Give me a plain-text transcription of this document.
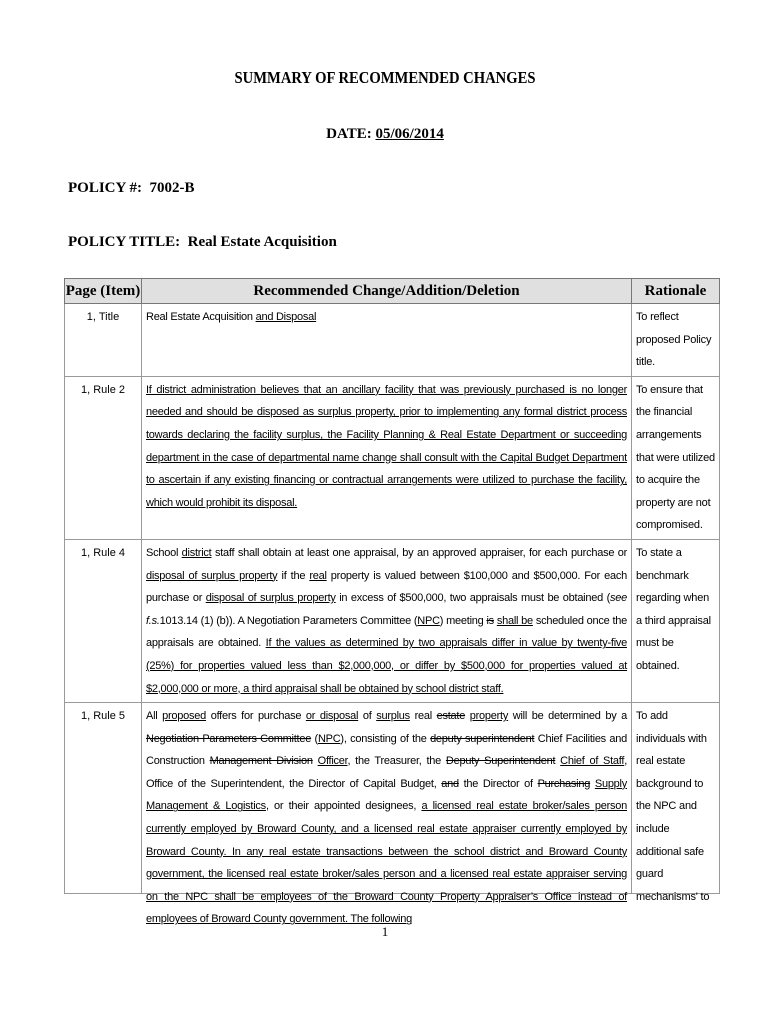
SUMMARY OF RECOMMENDED CHANGES
DATE: 05/06/2014
POLICY #: 7002-B
POLICY TITLE: Real Estate Acquisition
Page (Item)	Recommended Change/Addition/Deletion	Rationale
1, Title	Real Estate Acquisition and Disposal	To reflect proposed Policy title.
1, Rule 2	If district administration believes that an ancillary facility that was previously purchased is no longer needed and should be disposed as surplus property, prior to implementing any formal district process towards declaring the facility surplus, the Facility Planning & Real Estate Department or succeeding department in the case of departmental name change shall consult with the Capital Budget Department to ascertain if any existing financing or contractual arrangements were utilized to purchase the facility, which would prohibit its disposal.	To ensure that the financial arrangements that were utilized to acquire the property are not compromised.
1, Rule 4	School district staff shall obtain at least one appraisal, by an approved appraiser, for each purchase or disposal of surplus property if the real property is valued between $100,000 and $500,000. For each purchase or disposal of surplus property in excess of $500,000, two appraisals must be obtained (see f.s.1013.14 (1) (b)). A Negotiation Parameters Committee (NPC) meeting is shall be scheduled once the appraisals are obtained. If the values as determined by two appraisals differ in value by twenty-five (25%) for properties valued less than $2,000,000, or differ by $500,000 for properties valued at $2,000,000 or more, a third appraisal shall be obtained by school district staff.	To state a benchmark regarding when a third appraisal must be obtained.
1, Rule 5	All proposed offers for purchase or disposal of surplus real estate property will be determined by a Negotiation Parameters Committee (NPC), consisting of the deputy superintendent Chief Facilities and Construction Management Division Officer, the Treasurer, the Deputy Superintendent Chief of Staff, Office of the Superintendent, the Director of Capital Budget, and the Director of Purchasing Supply Management & Logistics, or their appointed designees, a licensed real estate broker/sales person currently employed by Broward County, and a licensed real estate appraiser currently employed by Broward County. In any real estate transactions between the school district and Broward County government, the licensed real estate broker/sales person and a licensed real estate appraiser serving on the NPC shall be employees of the Broward County Property Appraiser’s Office instead of employees of Broward County government. The following	To add individuals with real estate background to the NPC and include additional safe guard mechanisms' to
1
